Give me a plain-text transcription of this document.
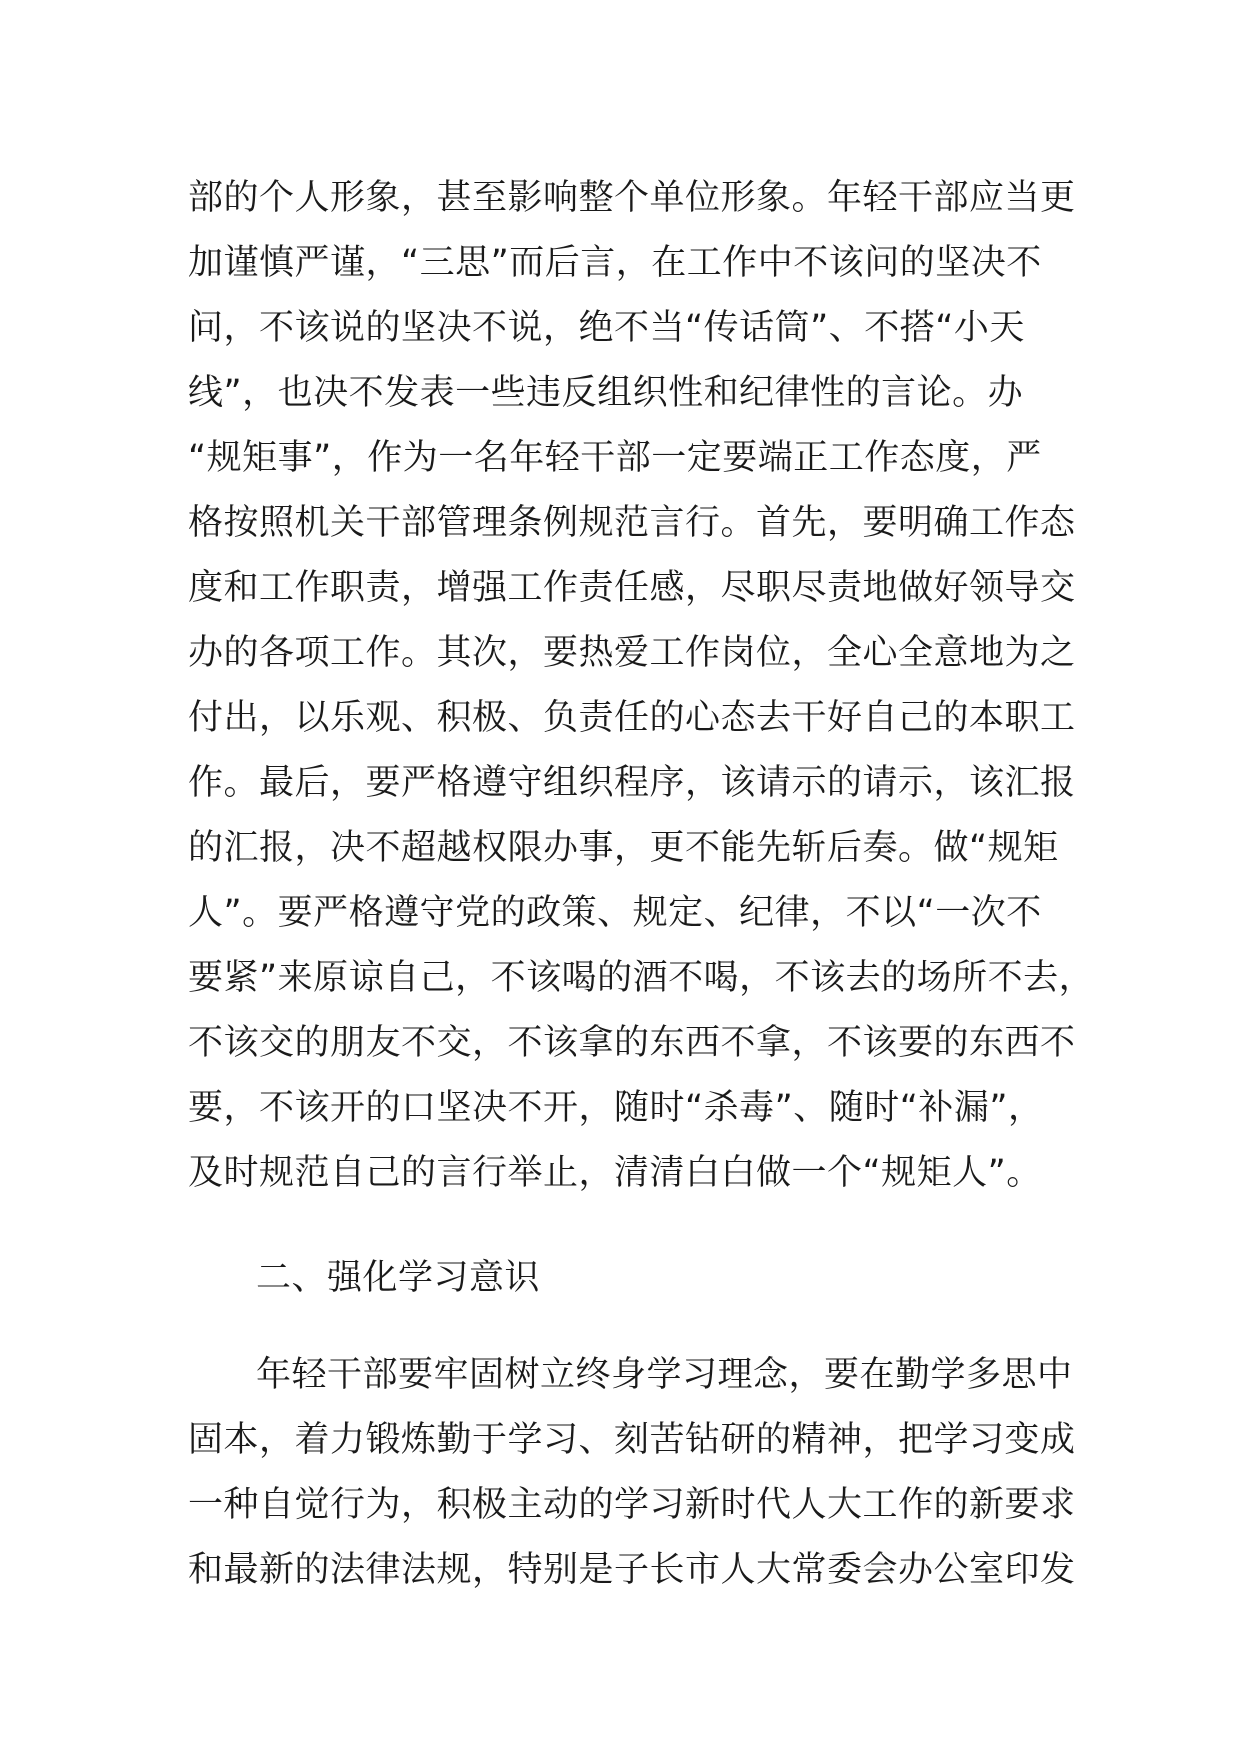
部的个人形象，甚至影响整个单位形象。年轻干部应当更
加谨慎严谨，“三思”而后言，在工作中不该问的坚决不
问，不该说的坚决不说，绝不当“传话筒”、不搭“小天
线”，也决不发表一些违反组织性和纪律性的言论。办
“规矩事”，作为一名年轻干部一定要端正工作态度，严
格按照机关干部管理条例规范言行。首先，要明确工作态
度和工作职责，增强工作责任感，尽职尽责地做好领导交
办的各项工作。其次，要热爱工作岗位，全心全意地为之
付出，以乐观、积极、负责任的心态去干好自己的本职工
作。最后，要严格遵守组织程序，该请示的请示，该汇报
的汇报，决不超越权限办事，更不能先斩后奏。做“规矩
人”。要严格遵守党的政策、规定、纪律，不以“一次不
要紧”来原谅自己，不该喝的酒不喝，不该去的场所不去，
不该交的朋友不交，不该拿的东西不拿，不该要的东西不
要，不该开的口坚决不开，随时“杀毒”、随时“补漏”，
及时规范自己的言行举止，清清白白做一个“规矩人”。
二、强化学习意识
年轻干部要牢固树立终身学习理念，要在勤学多思中
固本，着力锻炼勤于学习、刻苦钻研的精神，把学习变成
一种自觉行为，积极主动的学习新时代人大工作的新要求
和最新的法律法规，特别是子长市人大常委会办公室印发
